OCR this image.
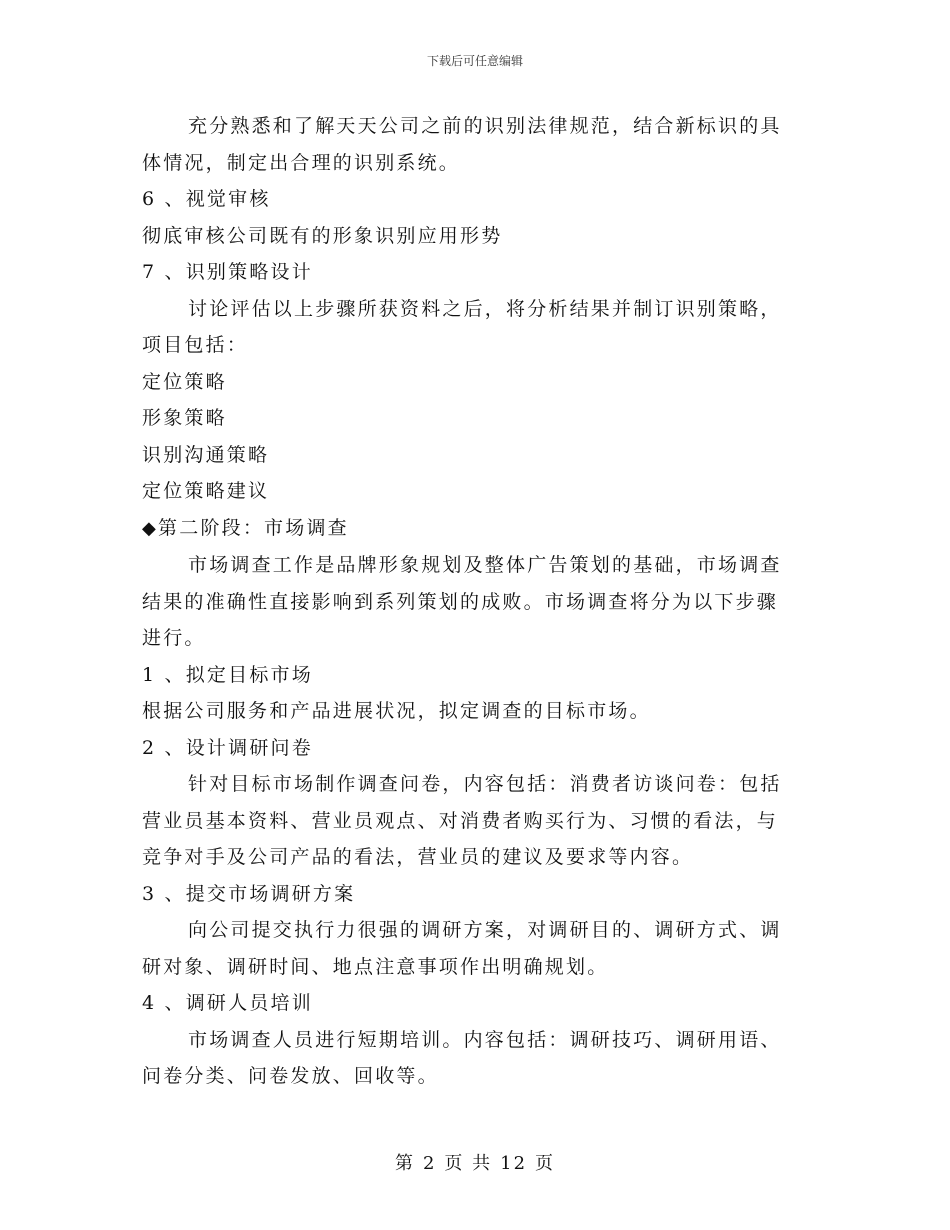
下载后可任意编辑

充分熟悉和了解天天公司之前的识别法律规范，结合新标识的具体情况，制定出合理的识别系统。

6 、视觉审核

彻底审核公司既有的形象识别应用形势

7 、识别策略设计

讨论评估以上步骤所获资料之后，将分析结果并制订识别策略，项目包括：

定位策略

形象策略

识别沟通策略

定位策略建议

◆第二阶段：市场调查

市场调查工作是品牌形象规划及整体广告策划的基础，市场调查结果的准确性直接影响到系列策划的成败。市场调查将分为以下步骤进行。

1 、拟定目标市场

根据公司服务和产品进展状况，拟定调查的目标市场。

2 、设计调研问卷

针对目标市场制作调查问卷，内容包括：消费者访谈问卷：包括营业员基本资料、营业员观点、对消费者购买行为、习惯的看法，与竞争对手及公司产品的看法，营业员的建议及要求等内容。

3 、提交市场调研方案

向公司提交执行力很强的调研方案，对调研目的、调研方式、调研对象、调研时间、地点注意事项作出明确规划。

4 、调研人员培训

市场调查人员进行短期培训。内容包括：调研技巧、调研用语、问卷分类、问卷发放、回收等。

第 2 页 共 12 页
